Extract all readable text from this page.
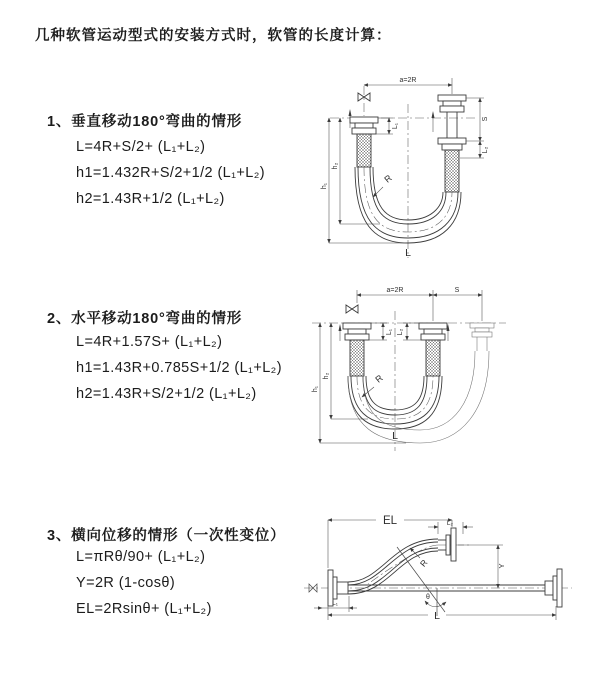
几种软管运动型式的安装方式时，软管的长度计算：
1、垂直移动180°弯曲的情形
L=4R+S/2+ (L₁+L₂)
h1=1.432R+S/2+1/2 (L₁+L₂)
h2=1.43R+1/2 (L₁+L₂)
2、水平移动180°弯曲的情形
L=4R+1.57S+ (L₁+L₂)
h1=1.43R+0.785S+1/2 (L₁+L₂)
h2=1.43R+S/2+1/2 (L₁+L₂)
3、横向位移的情形（一次性变位）
L=πRθ/90+ (L₁+L₂)
Y=2R (1-cosθ)
EL=2Rsinθ+ (L₁+L₂)
a=2R
L₁
S
L₂
R
h₁
h₂
L
a=2R	S
L₁ L₂
h₁
h₂	R
L
θ
R
EL	L₂
Y
L
L₁
